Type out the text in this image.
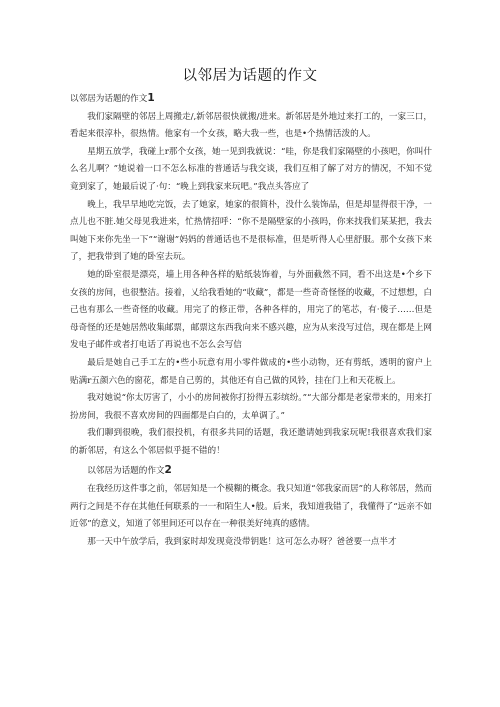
以邻居为话题的作文

以邻居为话题的作文1

我们家隔壁的邻居上周搬走/,新邻居很快就搬/进来。新邻居是外地过来打工的，一家三口，看起来很淳朴，很热情。他家有一个女孩，略大我一些，也是•个热情活泼的人。

星期五放学，我碰上r那个女孩，她一见到我就说：“哇，你是我们家隔壁的小孩吧，你叫什么名儿啊？”她说着一口不怎么标准的普通话与我交谈，我们互相了解了对方的情况，不知不觉竟到家了，她最后说了·句：“晚上到我家来玩吧。”我点头答应了

晚上，我早早地吃完饭，去了她家，她家的很简朴，没什么装饰品，但是却显得很干净，一点儿也不脏.她父母见我进来，忙热情招呼：“你不是隔壁家的小孩吗，你来找我们某某把，我去叫她下来你先坐一下”“谢谢”妈妈的普通话也不是很标准，但是听得人心里舒服。那个女孩下来了，把我带到了她的卧室去玩。

她的卧室很是漂亮，墙上用各种各样的贴纸装饰着，与外面截然不同，看不出这是•个乡下女孩的房间，也很整洁。接着，乂给我看她的“收藏”，都是一些奇奇怪怪的收藏，不过想想，白己也有那么一些奇怪的收藏。用完了的修正带，各种各样的，用完了的笔芯，有·傻子……但是母奇怪的还是她居然收集邮票，邮票这东西我向来不感兴趣，应为从来没写过信，现在都是上网发电子邮件或者打电话了再说也不怎么会写信

最后是她自己手工左的•些小玩意有用小零件做成的•些小动物，还有剪纸，透明的窗户上贴满r五颜六色的窗花，都是自己剪的，其他还有自己做的风铃，挂在门上和天花板上。

我对她说“你太厉害了，小小的房间被你打扮得五彩缤纷。”“大部分都是老家带来的，用来打扮房间，我很不喜欢房间的四面都是白白的，太单调了。”

我们聊到很晚，我们很投机，有很多共同的话题，我还邀请她到我家玩呢!我很喜欢我们家的新邻居，有这么个邻居似乎挺不错的！

以邻居为话题的作文2

在我经历这件事之前，邻居知是一个模糊的概念。我只知道“邻我家而居”的人称邻居，然而两行之间是不存在其他任何联系的一一和陌生人•般。后来，我知道我错了，我懂得了“远亲不如近邻”的意义，知道了邻里间还可以存在一种很美好纯真的感情。

那一天中午放学后，我到家时却发现竟没带钥匙！这可怎么办呀？爸爸要一点半才
